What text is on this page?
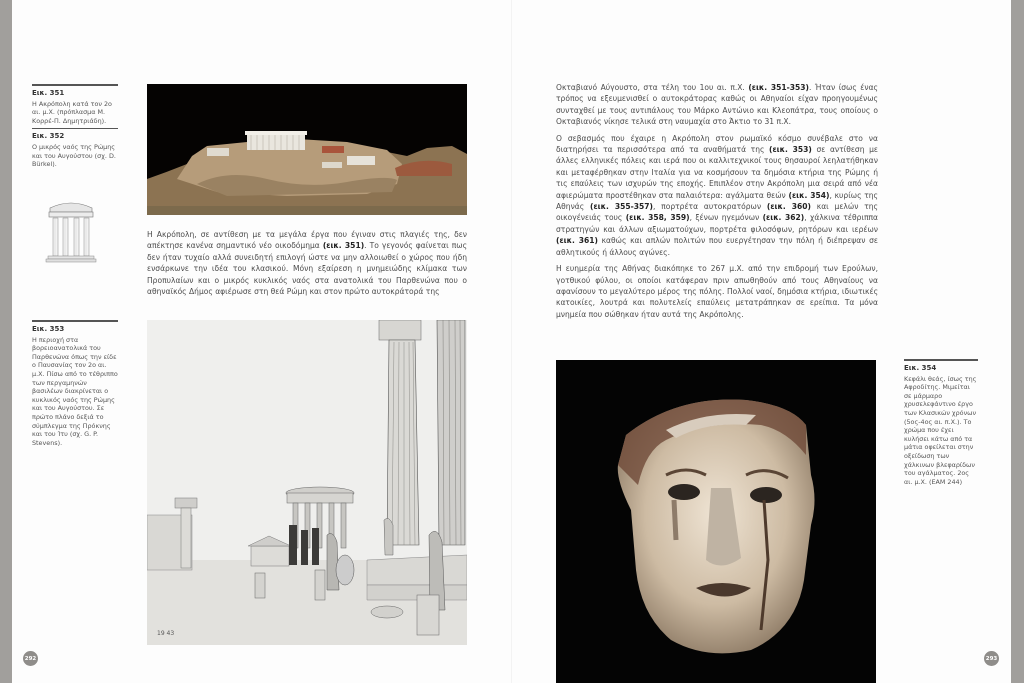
Εικ. 351
Η Ακρόπολη κατά τον 2ο αι. μ.Χ. (πρόπλασμα Μ. Κορρέ-Π. Δημητριάδη).
Εικ. 352
Ο μικρός ναός της Ρώμης και του Αυγούστου (σχ. D. Bürkel).
Εικ. 353
Η περιοχή στα βορειοανατολικά του Παρθενώνα όπως την είδε ο Παυσανίας τον 2ο αι. μ.Χ. Πίσω από το τέθριππο των περγαμηνών βασιλέων διακρίνεται ο κυκλικός ναός της Ρώμης και του Αυγούστου. Σε πρώτο πλάνο δεξιά το σύμπλεγμα της Πρόκνης και του Ίτυ (σχ. G. P. Stevens).

Η Ακρόπολη, σε αντίθεση με τα μεγάλα έργα που έγιναν στις πλαγιές της, δεν απέκτησε κανένα σημαντικό νέο οικοδόμημα (εικ. 351). Το γεγονός φαίνεται πως δεν ήταν τυχαίο αλλά συνειδητή επιλογή ώστε να μην αλλοιωθεί ο χώρος που ήδη ενσάρκωνε την ιδέα του κλασικού. Μόνη εξαίρεση η μνημειώδης κλίμακα των Προπυλαίων και ο μικρός κυκλικός ναός στα ανατολικά του Παρθενώνα που ο αθηναϊκός Δήμος αφιέρωσε στη θεά Ρώμη και στον πρώτο αυτοκράτορά της

19 43
292

Οκταβιανό Αύγουστο, στα τέλη του 1ου αι. π.Χ. (εικ. 351-353). Ήταν ίσως ένας τρόπος να εξευμενισθεί ο αυτοκράτορας καθώς οι Αθηναίοι είχαν προηγουμένως συνταχθεί με τους αντιπάλους του Μάρκο Αντώνιο και Κλεοπάτρα, τους οποίους ο Οκταβιανός νίκησε τελικά στη ναυμαχία στο Άκτιο το 31 π.Χ.

Ο σεβασμός που έχαιρε η Ακρόπολη στον ρωμαϊκό κόσμο συνέβαλε στο να διατηρήσει τα περισσότερα από τα αναθήματά της (εικ. 353) σε αντίθεση με άλλες ελληνικές πόλεις και ιερά που οι καλλιτεχνικοί τους θησαυροί λεηλατήθηκαν και μεταφέρθηκαν στην Ιταλία για να κοσμήσουν τα δημόσια κτήρια της Ρώμης ή τις επαύλεις των ισχυρών της εποχής. Επιπλέον στην Ακρόπολη μια σειρά από νέα αφιερώματα προστέθηκαν στα παλαιότερα: αγάλματα θεών (εικ. 354), κυρίως της Αθηνάς (εικ. 355-357), πορτρέτα αυτοκρατόρων (εικ. 360) και μελών της οικογένειάς τους (εικ. 358, 359), ξένων ηγεμόνων (εικ. 362), χάλκινα τέθριππα στρατηγών και άλλων αξιωματούχων, πορτρέτα φιλοσόφων, ρητόρων και ιερέων (εικ. 361) καθώς και απλών πολιτών που ευεργέτησαν την πόλη ή διέπρεψαν σε αθλητικούς ή άλλους αγώνες.

Η ευημερία της Αθήνας διακόπηκε το 267 μ.Χ. από την επιδρομή των Ερούλων, γοτθικού φύλου, οι οποίοι κατάφεραν πριν απωθηθούν από τους Αθηναίους να αφανίσουν το μεγαλύτερο μέρος της πόλης. Πολλοί ναοί, δημόσια κτήρια, ιδιωτικές κατοικίες, λουτρά και πολυτελείς επαύλεις μετατράπηκαν σε ερείπια. Τα μόνα μνημεία που σώθηκαν ήταν αυτά της Ακρόπολης.

Εικ. 354
Κεφάλι θεάς, ίσως της Αφροδίτης. Μιμείται σε μάρμαρο χρυσελεφάντινο έργο των Κλασικών χρόνων (5ος-4ος αι. π.Χ.). Το χρώμα που έχει κυλήσει κάτω από τα μάτια οφείλεται στην οξείδωση των χάλκινων βλεφαρίδων του αγάλματος. 2ος αι. μ.Χ. (ΕΑΜ 244)
293
